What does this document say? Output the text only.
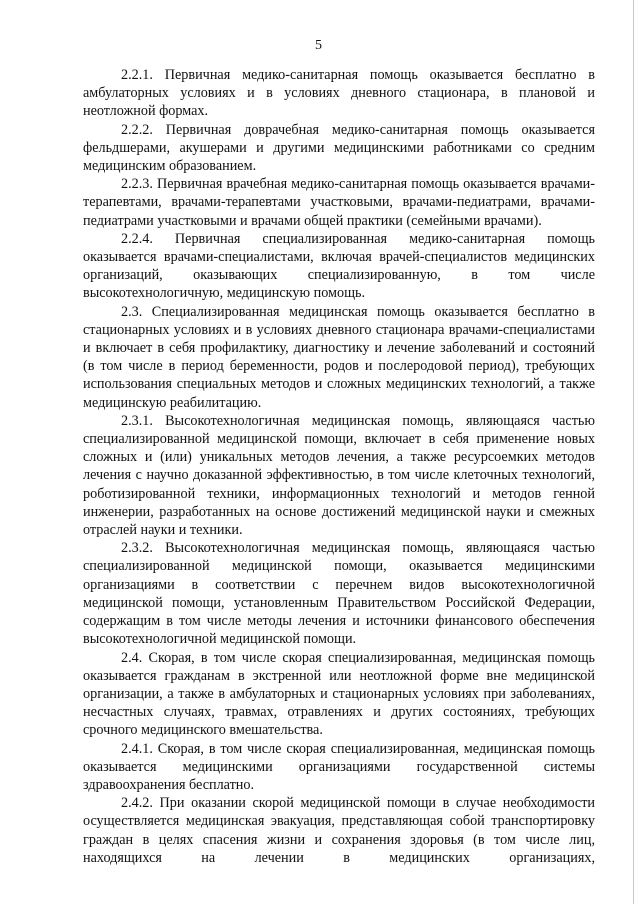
5

2.2.1. Первичная медико-санитарная помощь оказывается бесплатно в амбулаторных условиях и в условиях дневного стационара, в плановой и неотложной формах.

2.2.2. Первичная доврачебная медико-санитарная помощь оказывается фельдшерами, акушерами и другими медицинскими работниками со средним медицинским образованием.

2.2.3. Первичная врачебная медико-санитарная помощь оказывается врачами-терапевтами, врачами-терапевтами участковыми, врачами-педиатрами, врачами-педиатрами участковыми и врачами общей практики (семейными врачами).

2.2.4. Первичная специализированная медико-санитарная помощь оказывается врачами-специалистами, включая врачей-специалистов медицинских организаций, оказывающих специализированную, в том числе высокотехнологичную, медицинскую помощь.

2.3. Специализированная медицинская помощь оказывается бесплатно в стационарных условиях и в условиях дневного стационара врачами-специалистами и включает в себя профилактику, диагностику и лечение заболеваний и состояний (в том числе в период беременности, родов и послеродовой период), требующих использования специальных методов и сложных медицинских технологий, а также медицинскую реабилитацию.

2.3.1. Высокотехнологичная медицинская помощь, являющаяся частью специализированной медицинской помощи, включает в себя применение новых сложных и (или) уникальных методов лечения, а также ресурсоемких методов лечения с научно доказанной эффективностью, в том числе клеточных технологий, роботизированной техники, информационных технологий и методов генной инженерии, разработанных на основе достижений медицинской науки и смежных отраслей науки и техники.

2.3.2. Высокотехнологичная медицинская помощь, являющаяся частью специализированной медицинской помощи, оказывается медицинскими организациями в соответствии с перечнем видов высокотехнологичной медицинской помощи, установленным Правительством Российской Федерации, содержащим в том числе методы лечения и источники финансового обеспечения высокотехнологичной медицинской помощи.

2.4. Скорая, в том числе скорая специализированная, медицинская помощь оказывается гражданам в экстренной или неотложной форме вне медицинской организации, а также в амбулаторных и стационарных условиях при заболеваниях, несчастных случаях, травмах, отравлениях и других состояниях, требующих срочного медицинского вмешательства.

2.4.1. Скорая, в том числе скорая специализированная, медицинская помощь оказывается медицинскими организациями государственной системы здравоохранения бесплатно.

2.4.2. При оказании скорой медицинской помощи в случае необходимости осуществляется медицинская эвакуация, представляющая собой транспортировку граждан в целях спасения жизни и сохранения здоровья (в том числе лиц, находящихся на лечении в медицинских организациях,
